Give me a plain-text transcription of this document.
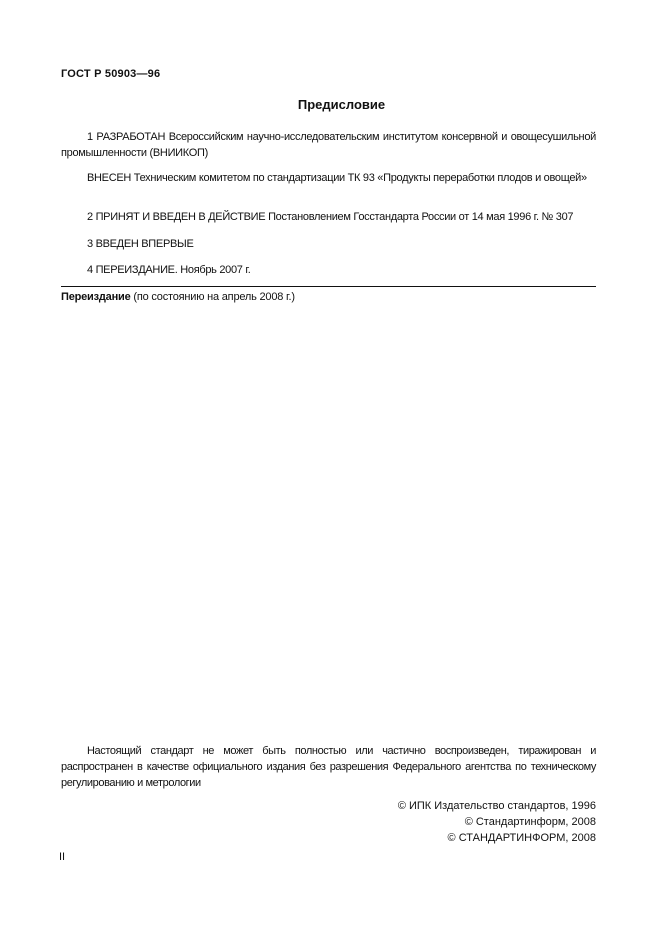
ГОСТ Р 50903—96
Предисловие

1 РАЗРАБОТАН Всероссийским научно-исследовательским институтом консервной и овощесушильной промышленности (ВНИИКОП)

ВНЕСЕН Техническим комитетом по стандартизации ТК 93 «Продукты переработки плодов и овощей»

2 ПРИНЯТ И ВВЕДЕН В ДЕЙСТВИЕ Постановлением Госстандарта России от 14 мая 1996 г. № 307

3 ВВЕДЕН ВПЕРВЫЕ

4 ПЕРЕИЗДАНИЕ. Ноябрь 2007 г.

Переиздание (по состоянию на апрель 2008 г.)

Настоящий стандарт не может быть полностью или частично воспроизведен, тиражирован и распространен в качестве официального издания без разрешения Федерального агентства по техническому регулированию и метрологии

© ИПК Издательство стандартов, 1996
© Стандартинформ, 2008
© СТАНДАРТИНФОРМ, 2008
II
